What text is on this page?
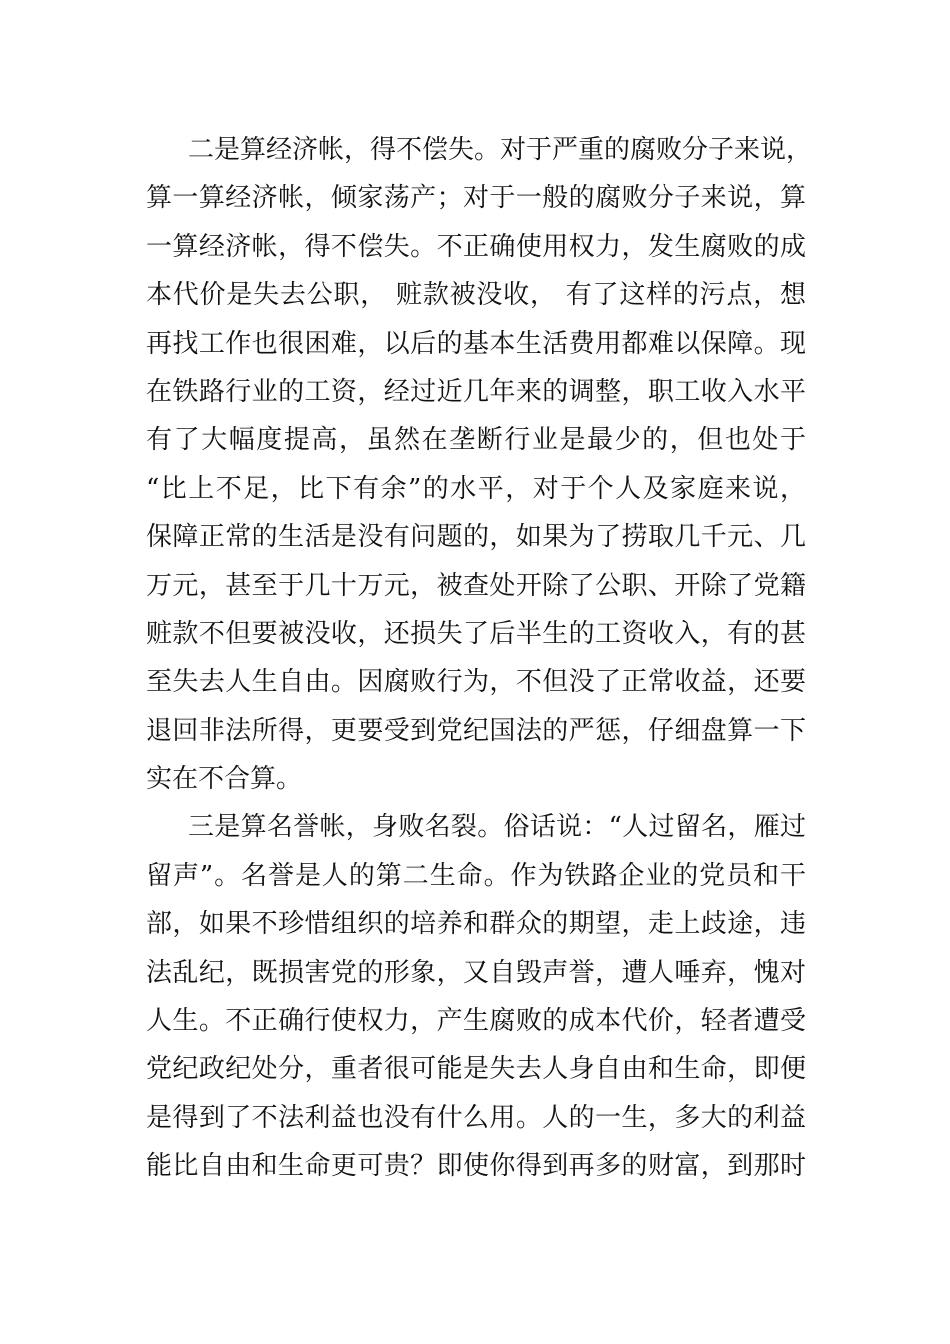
二是算经济帐，得不偿失。对于严重的腐败分子来说，
算一算经济帐，倾家荡产；对于一般的腐败分子来说，算
一算经济帐，得不偿失。不正确使用权力，发生腐败的成
本代价是失去公职， 赃款被没收， 有了这样的污点，想
再找工作也很困难，以后的基本生活费用都难以保障。现
在铁路行业的工资，经过近几年来的调整，职工收入水平
有了大幅度提高，虽然在垄断行业是最少的，但也处于
“比上不足，比下有余”的水平，对于个人及家庭来说，
保障正常的生活是没有问题的，如果为了捞取几千元、几
万元，甚至于几十万元，被查处开除了公职、开除了党籍
赃款不但要被没收，还损失了后半生的工资收入，有的甚
至失去人生自由。因腐败行为，不但没了正常收益，还要
退回非法所得，更要受到党纪国法的严惩，仔细盘算一下
实在不合算。
三是算名誉帐，身败名裂。俗话说：“人过留名，雁过
留声”。名誉是人的第二生命。作为铁路企业的党员和干
部，如果不珍惜组织的培养和群众的期望，走上歧途，违
法乱纪，既损害党的形象，又自毁声誉，遭人唾弃，愧对
人生。不正确行使权力，产生腐败的成本代价，轻者遭受
党纪政纪处分，重者很可能是失去人身自由和生命，即便
是得到了不法利益也没有什么用。人的一生，多大的利益
能比自由和生命更可贵？即使你得到再多的财富，到那时
